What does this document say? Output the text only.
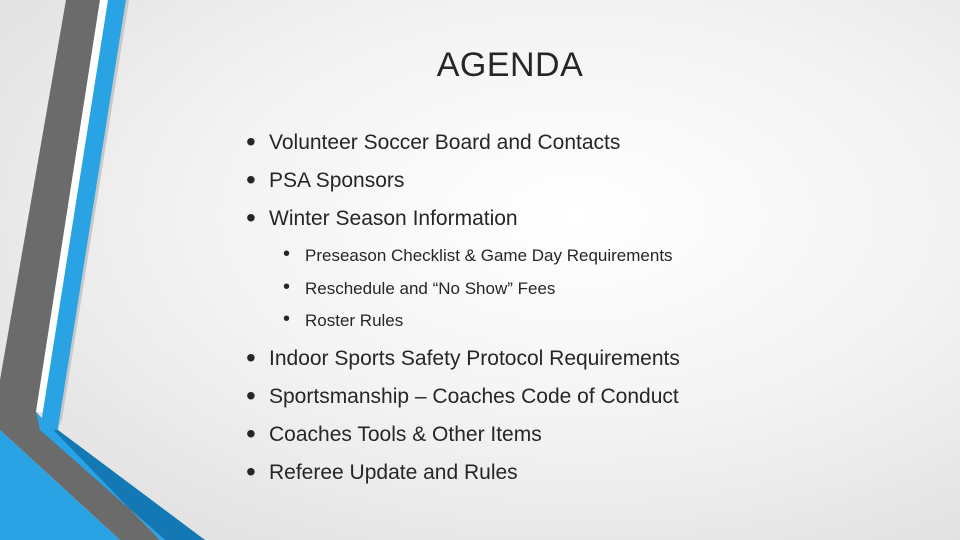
AGENDA
• Volunteer Soccer Board and Contacts
• PSA Sponsors
• Winter Season Information
• Preseason Checklist & Game Day Requirements
• Reschedule and “No Show” Fees
• Roster Rules
• Indoor Sports Safety Protocol Requirements
• Sportsmanship – Coaches Code of Conduct
• Coaches Tools & Other Items
• Referee Update and Rules
